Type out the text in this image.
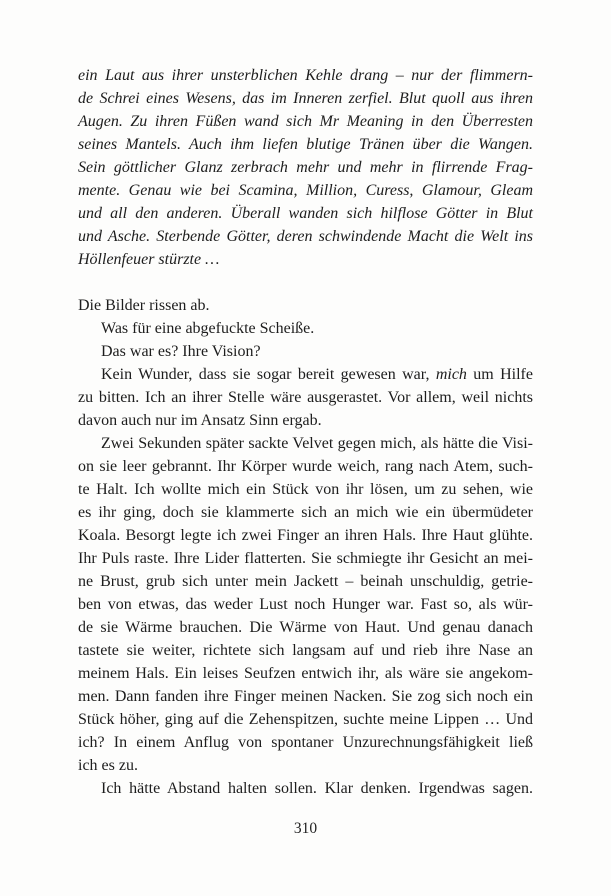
ein Laut aus ihrer unsterblichen Kehle drang – nur der flimmern-
de Schrei eines Wesens, das im Inneren zerfiel. Blut quoll aus ihren
Augen. Zu ihren Füßen wand sich Mr Meaning in den Überresten
seines Mantels. Auch ihm liefen blutige Tränen über die Wangen.
Sein göttlicher Glanz zerbrach mehr und mehr in flirrende Frag-
mente. Genau wie bei Scamina, Million, Curess, Glamour, Gleam
und all den anderen. Überall wanden sich hilflose Götter in Blut
und Asche. Sterbende Götter, deren schwindende Macht die Welt ins
Höllenfeuer stürzte …
Die Bilder rissen ab.
Was für eine abgefuckte Scheiße.
Das war es? Ihre Vision?
Kein Wunder, dass sie sogar bereit gewesen war, mich um Hilfe
zu bitten. Ich an ihrer Stelle wäre ausgerastet. Vor allem, weil nichts
davon auch nur im Ansatz Sinn ergab.
Zwei Sekunden später sackte Velvet gegen mich, als hätte die Visi-
on sie leer gebrannt. Ihr Körper wurde weich, rang nach Atem, such-
te Halt. Ich wollte mich ein Stück von ihr lösen, um zu sehen, wie
es ihr ging, doch sie klammerte sich an mich wie ein übermüdeter
Koala. Besorgt legte ich zwei Finger an ihren Hals. Ihre Haut glühte.
Ihr Puls raste. Ihre Lider flatterten. Sie schmiegte ihr Gesicht an mei-
ne Brust, grub sich unter mein Jackett – beinah unschuldig, getrie-
ben von etwas, das weder Lust noch Hunger war. Fast so, als wür-
de sie Wärme brauchen. Die Wärme von Haut. Und genau danach
tastete sie weiter, richtete sich langsam auf und rieb ihre Nase an
meinem Hals. Ein leises Seufzen entwich ihr, als wäre sie angekom-
men. Dann fanden ihre Finger meinen Nacken. Sie zog sich noch ein
Stück höher, ging auf die Zehenspitzen, suchte meine Lippen … Und
ich? In einem Anflug von spontaner Unzurechnungsfähigkeit ließ
ich es zu.
Ich hätte Abstand halten sollen. Klar denken. Irgendwas sagen.
310
